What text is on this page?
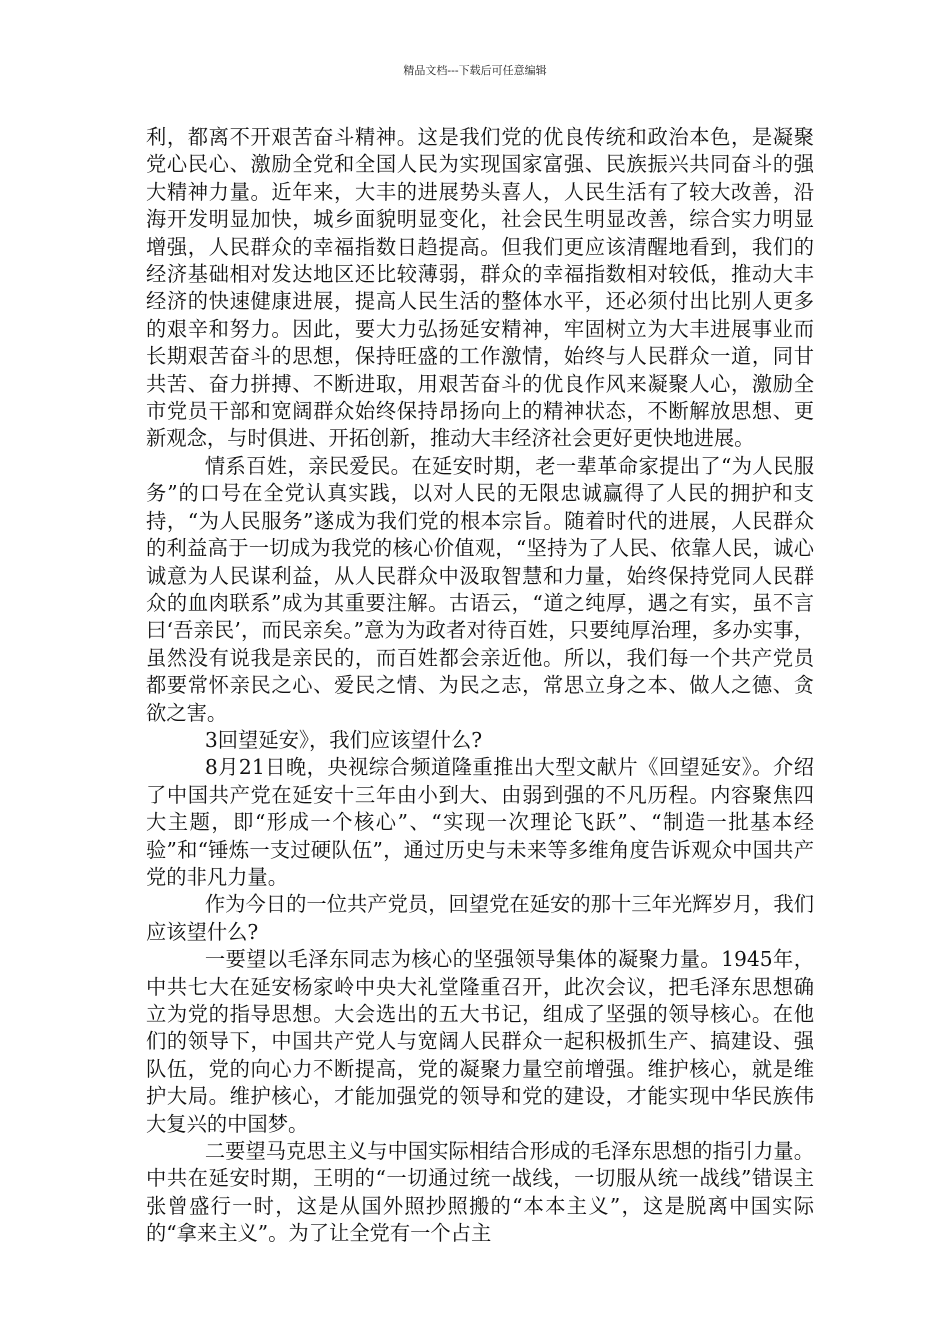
精品文档---下载后可任意编辑

利，都离不开艰苦奋斗精神。这是我们党的优良传统和政治本色，是凝聚党心民心、激励全党和全国人民为实现国家富强、民族振兴共同奋斗的强大精神力量。近年来，大丰的进展势头喜人，人民生活有了较大改善，沿海开发明显加快，城乡面貌明显变化，社会民生明显改善，综合实力明显增强，人民群众的幸福指数日趋提高。但我们更应该清醒地看到，我们的经济基础相对发达地区还比较薄弱，群众的幸福指数相对较低，推动大丰经济的快速健康进展，提高人民生活的整体水平，还必须付出比别人更多的艰辛和努力。因此，要大力弘扬延安精神，牢固树立为大丰进展事业而长期艰苦奋斗的思想，保持旺盛的工作激情，始终与人民群众一道，同甘共苦、奋力拼搏、不断进取，用艰苦奋斗的优良作风来凝聚人心，激励全市党员干部和宽阔群众始终保持昂扬向上的精神状态，不断解放思想、更新观念，与时俱进、开拓创新，推动大丰经济社会更好更快地进展。

情系百姓，亲民爱民。在延安时期，老一辈革命家提出了“为人民服务”的口号在全党认真实践，以对人民的无限忠诚赢得了人民的拥护和支持，“为人民服务”遂成为我们党的根本宗旨。随着时代的进展，人民群众的利益高于一切成为我党的核心价值观，“坚持为了人民、依靠人民，诚心诚意为人民谋利益，从人民群众中汲取智慧和力量，始终保持党同人民群众的血肉联系”成为其重要注解。古语云，“道之纯厚，遇之有实，虽不言曰‘吾亲民’，而民亲矣。”意为为政者对待百姓，只要纯厚治理，多办实事，虽然没有说我是亲民的，而百姓都会亲近他。所以，我们每一个共产党员都要常怀亲民之心、爱民之情、为民之志，常思立身之本、做人之德、贪欲之害。

3回望延安》，我们应该望什么?

8月21日晚，央视综合频道隆重推出大型文献片《回望延安》。介绍了中国共产党在延安十三年由小到大、由弱到强的不凡历程。内容聚焦四大主题，即“形成一个核心”、“实现一次理论飞跃”、“制造一批基本经验”和“锤炼一支过硬队伍”，通过历史与未来等多维角度告诉观众中国共产党的非凡力量。

作为今日的一位共产党员，回望党在延安的那十三年光辉岁月，我们应该望什么?

一要望以毛泽东同志为核心的坚强领导集体的凝聚力量。1945年，中共七大在延安杨家岭中央大礼堂隆重召开，此次会议，把毛泽东思想确立为党的指导思想。大会选出的五大书记，组成了坚强的领导核心。在他们的领导下，中国共产党人与宽阔人民群众一起积极抓生产、搞建设、强队伍，党的向心力不断提高，党的凝聚力量空前增强。维护核心，就是维护大局。维护核心，才能加强党的领导和党的建设，才能实现中华民族伟大复兴的中国梦。

二要望马克思主义与中国实际相结合形成的毛泽东思想的指引力量。中共在延安时期，王明的“一切通过统一战线，一切服从统一战线”错误主张曾盛行一时，这是从国外照抄照搬的“本本主义”，这是脱离中国实际的“拿来主义”。为了让全党有一个占主
